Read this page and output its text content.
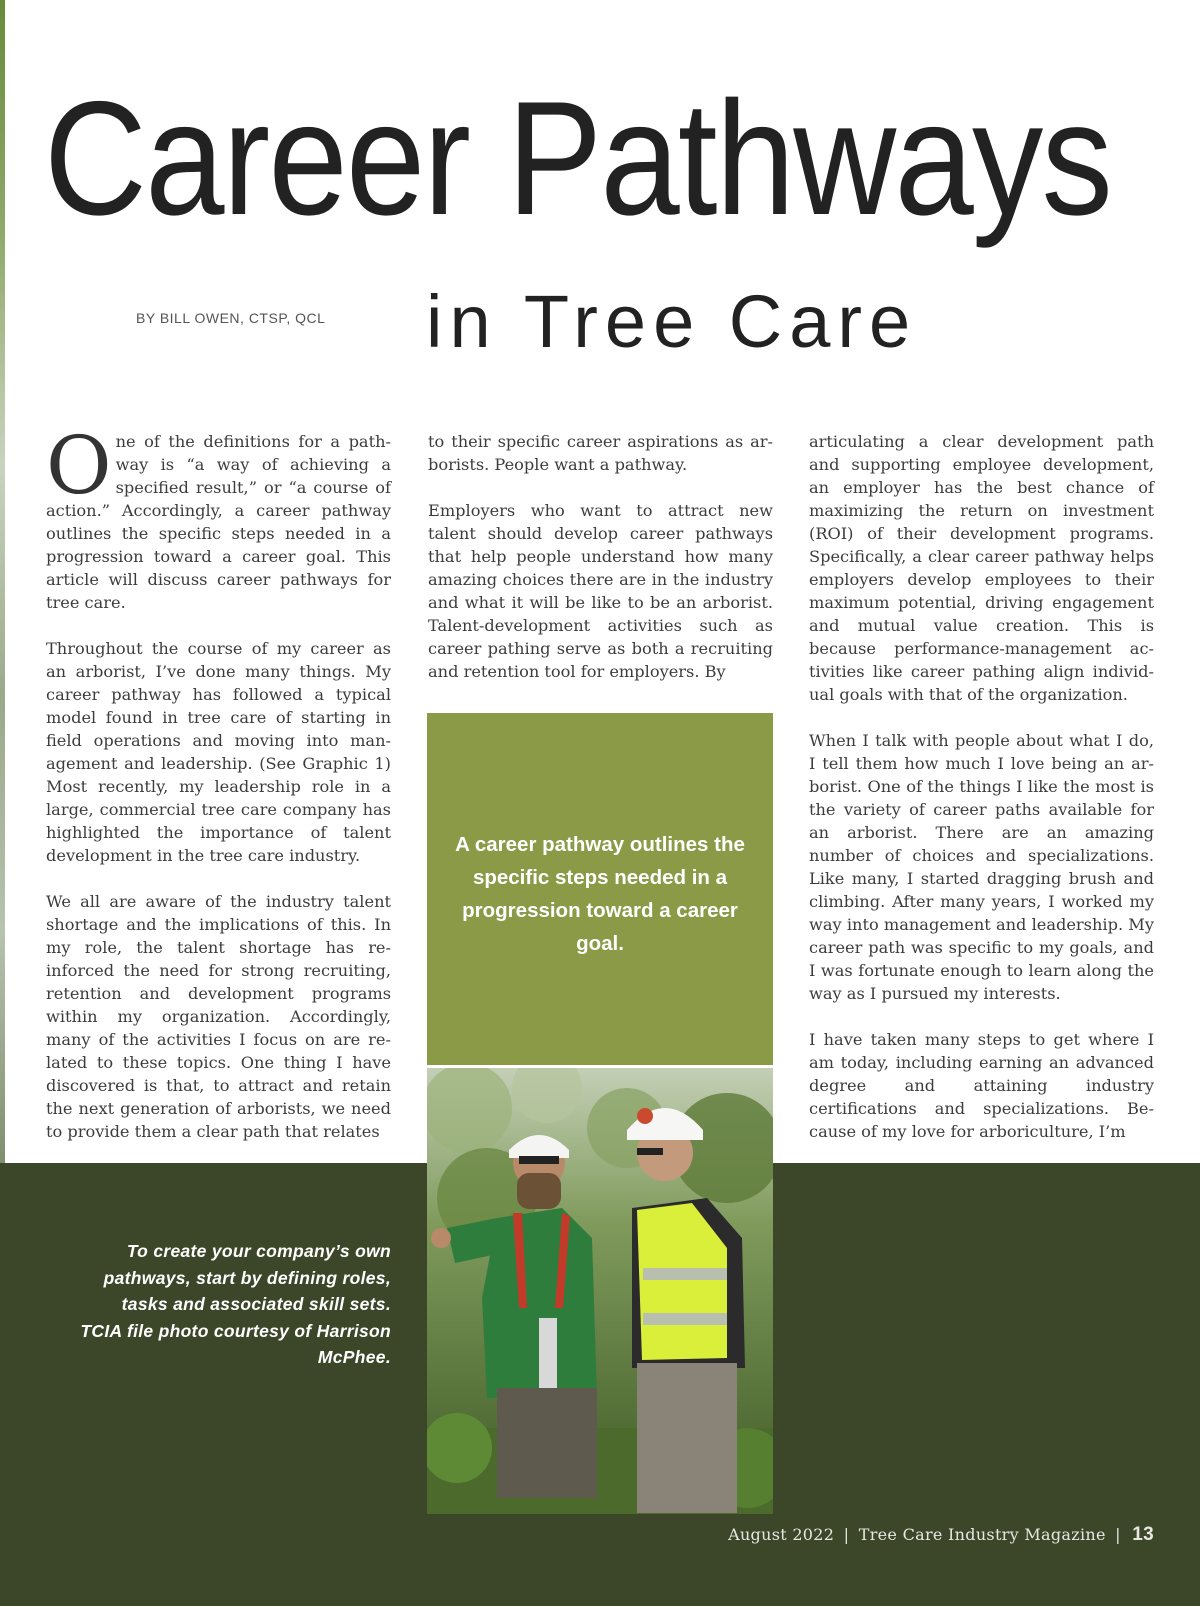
Career Pathways
BY BILL OWEN, CTSP, QCL in Tree Care

One of the definitions for a pathway is “a way of achieving a specified result,” or “a course of action.” Accordingly, a career pathway outlines the specific steps needed in a progression toward a career goal. This article will discuss career pathways for tree care.

Throughout the course of my career as an arborist, I’ve done many things. My career pathway has followed a typical model found in tree care of starting in field operations and moving into management and leadership. (See Graphic 1) Most recently, my leadership role in a large, commercial tree care company has highlighted the importance of talent development in the tree care industry.

We all are aware of the industry talent shortage and the implications of this. In my role, the talent shortage has reinforced the need for strong recruiting, retention and development programs within my organization. Accordingly, many of the activities I focus on are related to these topics. One thing I have discovered is that, to attract and retain the next generation of arborists, we need to provide them a clear path that relates

to their specific career aspirations as arborists. People want a pathway.

Employers who want to attract new talent should develop career pathways that help people understand how many amazing choices there are in the industry and what it will be like to be an arborist. Talent-development activities such as career pathing serve as both a recruiting and retention tool for employers. By

articulating a clear development path and supporting employee development, an employer has the best chance of maximizing the return on investment (ROI) of their development programs. Specifically, a clear career pathway helps employers develop employees to their maximum potential, driving engagement and mutual value creation. This is because performance-management activities like career pathing align individual goals with that of the organization.

When I talk with people about what I do, I tell them how much I love being an arborist. One of the things I like the most is the variety of career paths available for an arborist. There are an amazing number of choices and specializations. Like many, I started dragging brush and climbing. After many years, I worked my way into management and leadership. My career path was specific to my goals, and I was fortunate enough to learn along the way as I pursued my interests.

I have taken many steps to get where I am today, including earning an advanced degree and attaining industry certifications and specializations. Because of my love for arboriculture, I’m

A career pathway outlines the specific steps needed in a progression toward a career goal.
To create your company’s own pathways, start by defining roles, tasks and associated skill sets. TCIA file photo courtesy of Harrison McPhee.
August 2022 | Tree Care Industry Magazine | 13
